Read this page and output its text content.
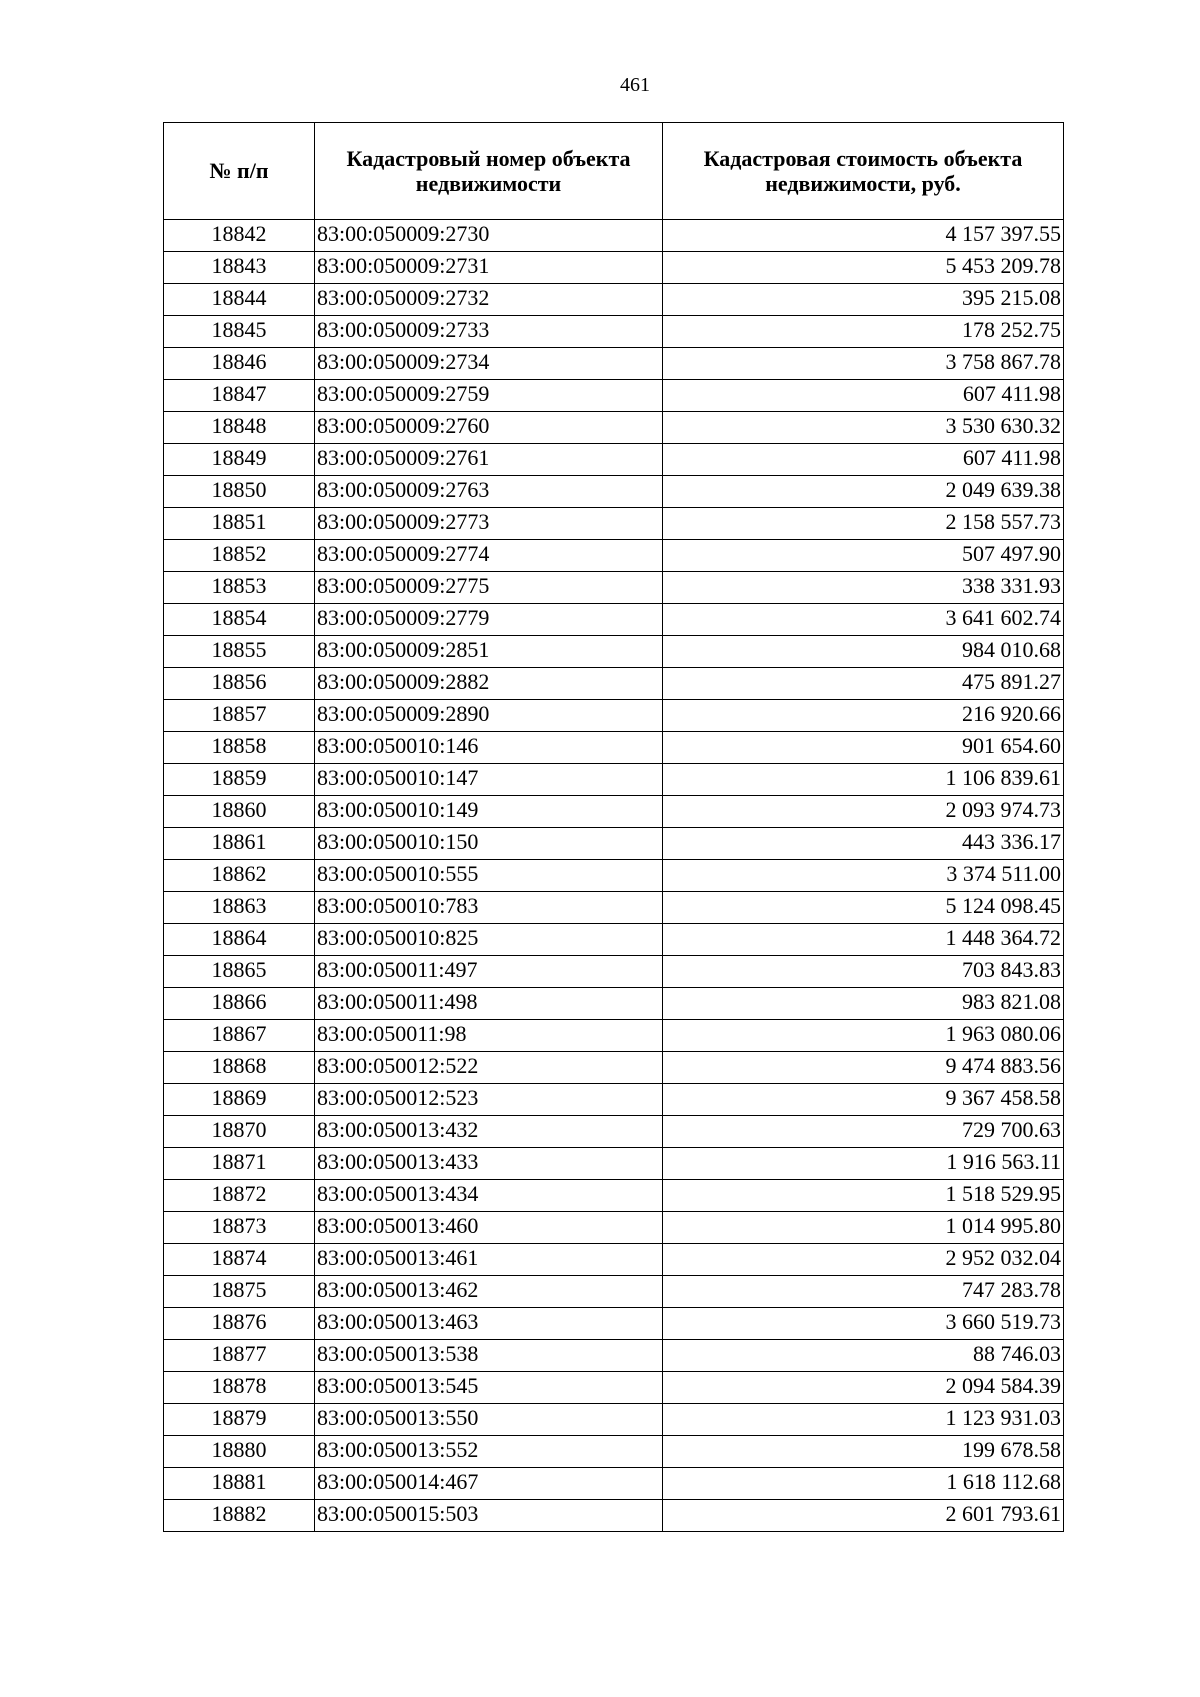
461
№ п/п	Кадастровый номер объекта недвижимости	Кадастровая стоимость объекта недвижимости, руб.
18842	83:00:050009:2730	4 157 397.55
18843	83:00:050009:2731	5 453 209.78
18844	83:00:050009:2732	395 215.08
18845	83:00:050009:2733	178 252.75
18846	83:00:050009:2734	3 758 867.78
18847	83:00:050009:2759	607 411.98
18848	83:00:050009:2760	3 530 630.32
18849	83:00:050009:2761	607 411.98
18850	83:00:050009:2763	2 049 639.38
18851	83:00:050009:2773	2 158 557.73
18852	83:00:050009:2774	507 497.90
18853	83:00:050009:2775	338 331.93
18854	83:00:050009:2779	3 641 602.74
18855	83:00:050009:2851	984 010.68
18856	83:00:050009:2882	475 891.27
18857	83:00:050009:2890	216 920.66
18858	83:00:050010:146	901 654.60
18859	83:00:050010:147	1 106 839.61
18860	83:00:050010:149	2 093 974.73
18861	83:00:050010:150	443 336.17
18862	83:00:050010:555	3 374 511.00
18863	83:00:050010:783	5 124 098.45
18864	83:00:050010:825	1 448 364.72
18865	83:00:050011:497	703 843.83
18866	83:00:050011:498	983 821.08
18867	83:00:050011:98	1 963 080.06
18868	83:00:050012:522	9 474 883.56
18869	83:00:050012:523	9 367 458.58
18870	83:00:050013:432	729 700.63
18871	83:00:050013:433	1 916 563.11
18872	83:00:050013:434	1 518 529.95
18873	83:00:050013:460	1 014 995.80
18874	83:00:050013:461	2 952 032.04
18875	83:00:050013:462	747 283.78
18876	83:00:050013:463	3 660 519.73
18877	83:00:050013:538	88 746.03
18878	83:00:050013:545	2 094 584.39
18879	83:00:050013:550	1 123 931.03
18880	83:00:050013:552	199 678.58
18881	83:00:050014:467	1 618 112.68
18882	83:00:050015:503	2 601 793.61
